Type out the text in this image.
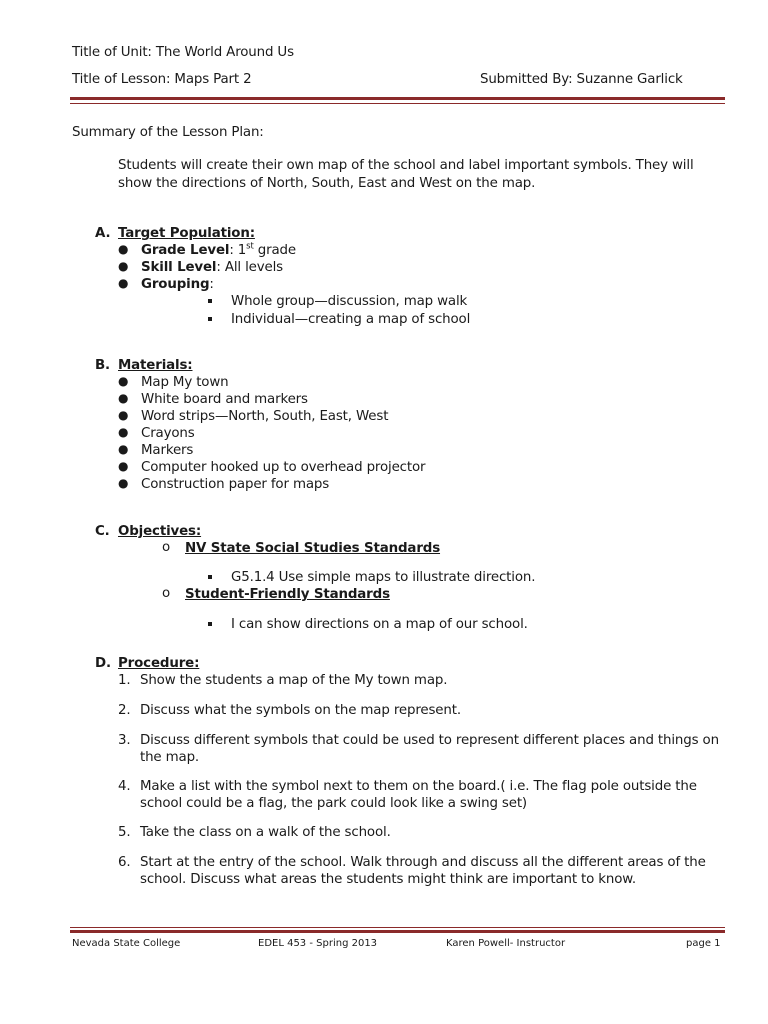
Title of Unit: The World Around Us
Title of Lesson: Maps Part 2	Submitted By: Suzanne Garlick
Summary of the Lesson Plan:
Students will create their own map of the school and label important symbols. They will
show the directions of North, South, East and West on the map.
A. Target Population:
● Grade Level: 1st grade
● Skill Level: All levels
● Grouping:
Whole group—discussion, map walk
Individual—creating a map of school
B. Materials:
● Map My town
● White board and markers
● Word strips—North, South, East, West
● Crayons
● Markers
● Computer hooked up to overhead projector
● Construction paper for maps
C. Objectives:
o NV State Social Studies Standards
G5.1.4 Use simple maps to illustrate direction.
o Student-Friendly Standards
I can show directions on a map of our school.
D. Procedure:
1. Show the students a map of the My town map.
2. Discuss what the symbols on the map represent.
3. Discuss different symbols that could be used to represent different places and things on
the map.
4. Make a list with the symbol next to them on the board.( i.e. The flag pole outside the
school could be a flag, the park could look like a swing set)
5. Take the class on a walk of the school.
6. Start at the entry of the school. Walk through and discuss all the different areas of the
school. Discuss what areas the students might think are important to know.
Nevada State College	EDEL 453 - Spring 2013	Karen Powell- Instructor	page 1
